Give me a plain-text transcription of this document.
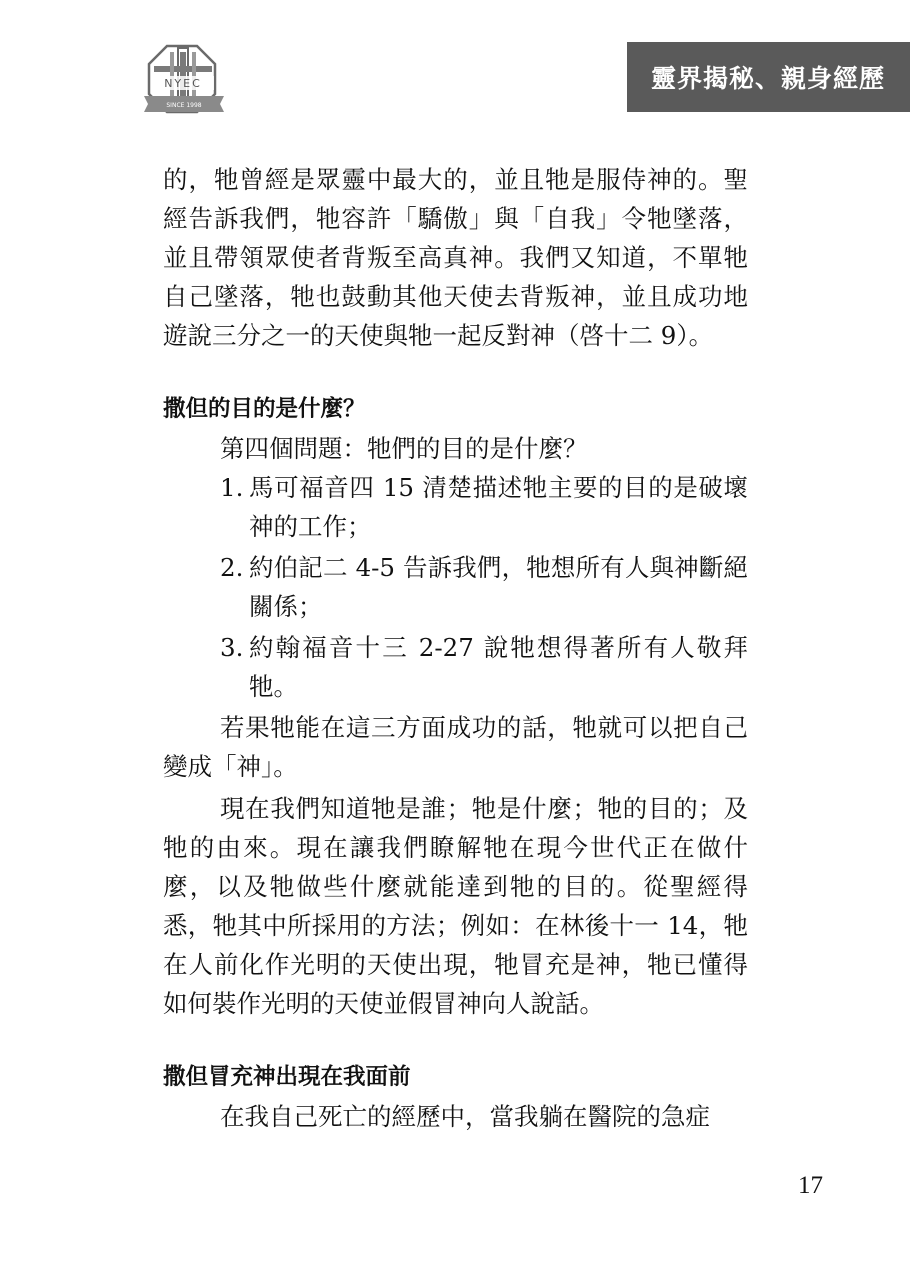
NYEC
SINCE 1998
靈界揭秘、親身經歷

的，牠曾經是眾靈中最大的，並且牠是服侍神的。聖經告訴我們，牠容許「驕傲」與「自我」令牠墜落，並且帶領眾使者背叛至高真神。我們又知道，不單牠自己墜落，牠也鼓動其他天使去背叛神，並且成功地遊說三分之一的天使與牠一起反對神（啓十二 9）。

撒但的目的是什麼？

第四個問題：牠們的目的是什麼？

1. 馬可福音四 15 清楚描述牠主要的目的是破壞神的工作；
2. 約伯記二 4-5 告訴我們，牠想所有人與神斷絕關係；
3. 約翰福音十三 2-27 說牠想得著所有人敬拜牠。

若果牠能在這三方面成功的話，牠就可以把自己變成「神」。

現在我們知道牠是誰；牠是什麼；牠的目的；及牠的由來。現在讓我們瞭解牠在現今世代正在做什麼，以及牠做些什麼就能達到牠的目的。從聖經得悉，牠其中所採用的方法；例如：在林後十一 14，牠在人前化作光明的天使出現，牠冒充是神，牠已懂得如何裝作光明的天使並假冒神向人說話。

撒但冒充神出現在我面前

在我自己死亡的經歷中，當我躺在醫院的急症

17
